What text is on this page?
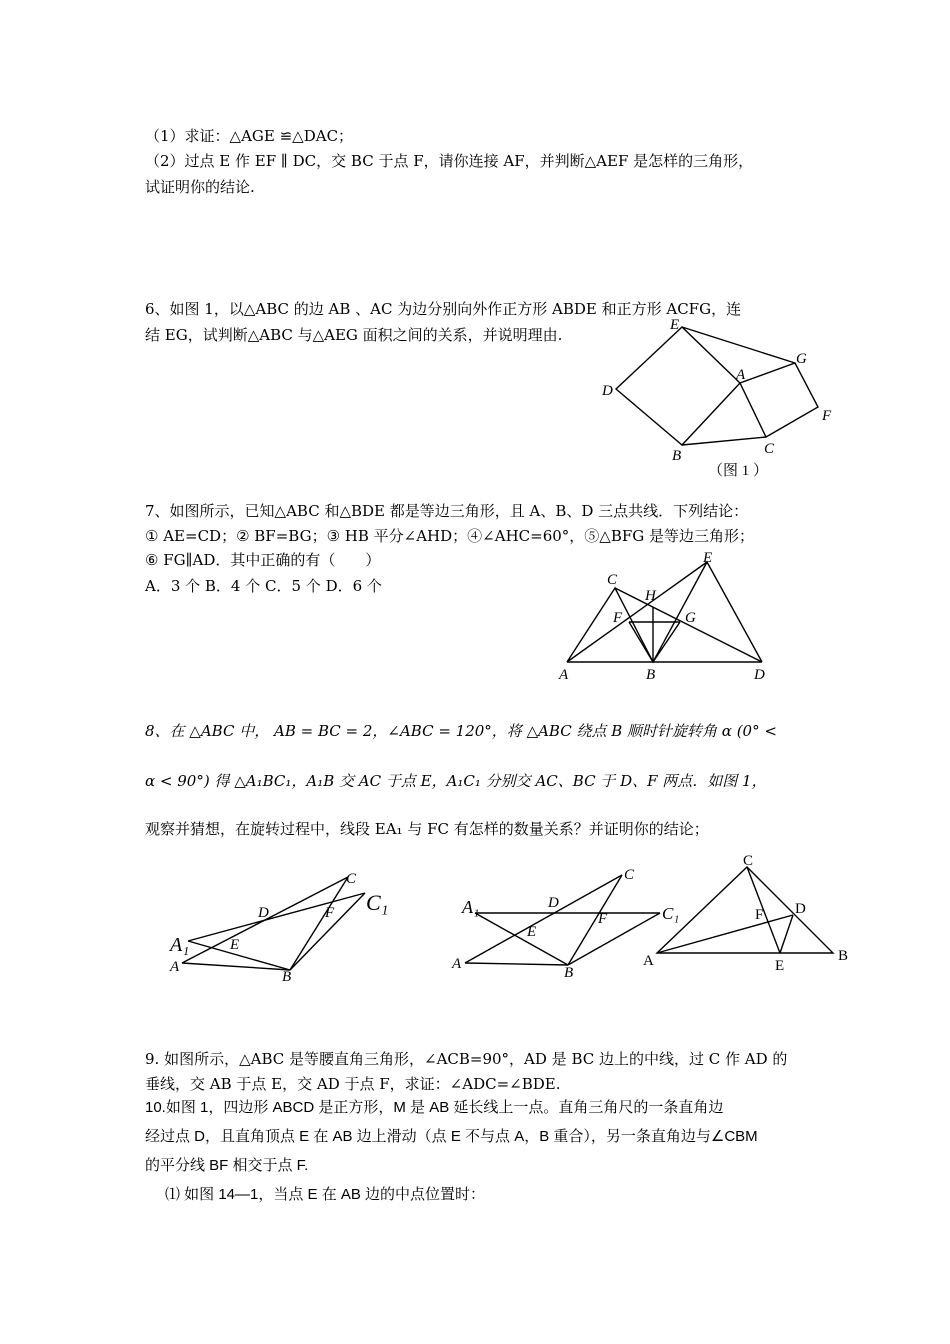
（1）求证：△AGE ≌△DAC；
（2）过点 E 作 EF ∥ DC，交 BC 于点 F，请你连接 AF，并判断△AEF 是怎样的三角形，
试证明你的结论.
6、如图 1，以△ABC 的边 AB 、AC 为边分别向外作正方形 ABDE 和正方形 ACFG，连
结 EG，试判断△ABC 与△AEG 面积之间的关系，并说明理由.
E
G
A
D
F
C
B
（图 1 ）
7、如图所示，已知△ABC 和△BDE 都是等边三角形，且 A、B、D 三点共线．下列结论：
① AE=CD；② BF=BG；③ HB 平分∠AHD；④∠AHC=60°，⑤△BFG 是等边三角形；
⑥ FG∥AD．其中正确的有（　　）
A．3 个 B．4 个 C．5 个 D．6 个	C
E
H
F	G
A	B	D
8、在 △ABC 中， AB = BC = 2，∠ABC = 120°，将 △ABC 绕点 B 顺时针旋转角 α (0° <
α < 90°) 得 △A₁BC₁，A₁B 交 AC 于点 E，A₁C₁ 分别交 AC、BC 于 D、F 两点．如图 1，
观察并猜想，在旋转过程中，线段 EA₁ 与 FC 有怎样的数量关系？并证明你的结论；
C
C₁
D	F
A₁	E
A
B
C
A₁	D
C₁
E
F
A
B
C
F D
A	E
B
9. 如图所示，△ABC 是等腰直角三角形，∠ACB=90°，AD 是 BC 边上的中线，过 C 作 AD 的
垂线，交 AB 于点 E，交 AD 于点 F，求证：∠ADC=∠BDE.
10.如图 1，四边形 ABCD 是正方形，M 是 AB 延长线上一点。直角三角尺的一条直角边
经过点 D，且直角顶点 E 在 AB 边上滑动（点 E 不与点 A，B 重合），另一条直角边与∠CBM
的平分线 BF 相交于点 F.
⑴ 如图 14—1，当点 E 在 AB 边的中点位置时：
